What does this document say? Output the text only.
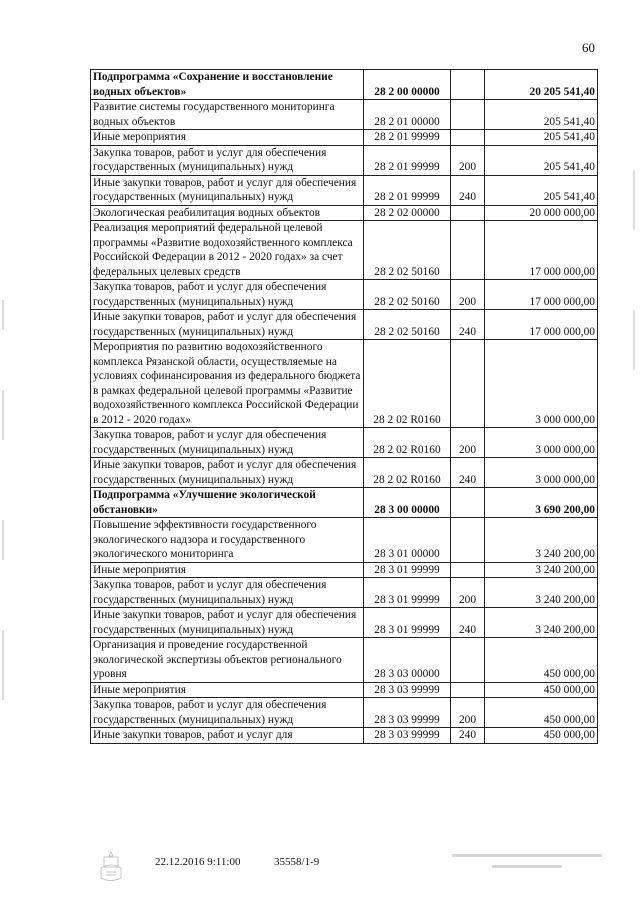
60
Подпрограмма «Сохранение и восстановление водных объектов»	28 2 00 00000		20 205 541,40
Развитие системы государственного мониторинга водных объектов	28 2 01 00000		205 541,40
Иные мероприятия	28 2 01 99999		205 541,40
Закупка товаров, работ и услуг для обеспечения государственных (муниципальных) нужд	28 2 01 99999	200	205 541,40
Иные закупки товаров, работ и услуг для обеспечения государственных (муниципальных) нужд	28 2 01 99999	240	205 541,40
Экологическая реабилитация водных объектов	28 2 02 00000		20 000 000,00
Реализация мероприятий федеральной целевой программы «Развитие водохозяйственного комплекса Российской Федерации в 2012 - 2020 годах» за счет федеральных целевых средств	28 2 02 50160		17 000 000,00
Закупка товаров, работ и услуг для обеспечения государственных (муниципальных) нужд	28 2 02 50160	200	17 000 000,00
Иные закупки товаров, работ и услуг для обеспечения государственных (муниципальных) нужд	28 2 02 50160	240	17 000 000,00
Мероприятия по развитию водохозяйственного комплекса Рязанской области, осуществляемые на условиях софинансирования из федерального бюджета в рамках федеральной целевой программы «Развитие водохозяйственного комплекса Российской Федерации в 2012 - 2020 годах»	28 2 02 R0160		3 000 000,00
Закупка товаров, работ и услуг для обеспечения государственных (муниципальных) нужд	28 2 02 R0160	200	3 000 000,00
Иные закупки товаров, работ и услуг для обеспечения государственных (муниципальных) нужд	28 2 02 R0160	240	3 000 000,00
Подпрограмма «Улучшение экологической обстановки»	28 3 00 00000		3 690 200,00
Повышение эффективности государственного экологического надзора и государственного экологического мониторинга	28 3 01 00000		3 240 200,00
Иные мероприятия	28 3 01 99999		3 240 200,00
Закупка товаров, работ и услуг для обеспечения государственных (муниципальных) нужд	28 3 01 99999	200	3 240 200,00
Иные закупки товаров, работ и услуг для обеспечения государственных (муниципальных) нужд	28 3 01 99999	240	3 240 200,00
Организация и проведение государственной экологической экспертизы объектов регионального уровня	28 3 03 00000		450 000,00
Иные мероприятия	28 3 03 99999		450 000,00
Закупка товаров, работ и услуг для обеспечения государственных (муниципальных) нужд	28 3 03 99999	200	450 000,00
Иные закупки товаров, работ и услуг для	28 3 03 99999	240	450 000,00
22.12.2016 9:11:00	35558/1-9
